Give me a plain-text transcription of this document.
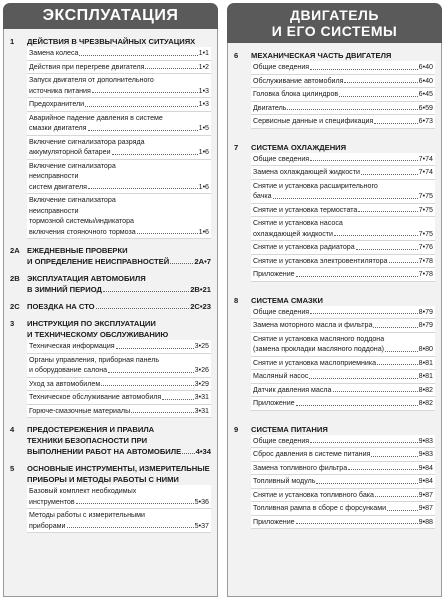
ЭКСПЛУАТАЦИЯ
1	ДЕЙСТВИЯ В ЧРЕЗВЫЧАЙНЫХ СИТУАЦИЯХ
Замена колеса	1•1
Действия при перегреве двигателя	1•2
Запуск двигателя от дополнительного
источника питания	1•3
Предохранители	1•3
Аварийное падение давления в системе
смазки двигателя	1•5
Включение сигнализатора разряда
аккумуляторной батареи	1•6
Включение сигнализатора
неисправности
систем двигателя	1•6
Включение сигнализатора
неисправности
тормозной системы/индикатора
включения стояночного тормоза	1•6
2А ЕЖЕДНЕВНЫЕ ПРОВЕРКИ
И ОПРЕДЕЛЕНИЕ НЕИСПРАВНОСТЕЙ	2А•7
2В ЭКСПЛУАТАЦИЯ АВТОМОБИЛЯ
В ЗИМНИЙ ПЕРИОД	2В•21
2С ПОЕЗДКА НА СТО	2С•23
3	ИНСТРУКЦИЯ ПО ЭКСПЛУАТАЦИИ
И ТЕХНИЧЕСКОМУ ОБСЛУЖИВАНИЮ
Техническая информация	3•25
Органы управления, приборная панель
и оборудование салона	3•26
Уход за автомобилем	3•29
Техническое обслуживание автомобиля	3•31
Горюче-смазочные материалы	3•31
4	ПРЕДОСТЕРЕЖЕНИЯ И ПРАВИЛА
ТЕХНИКИ БЕЗОПАСНОСТИ ПРИ
ВЫПОЛНЕНИИ РАБОТ НА АВТОМОБИЛЕ 4•34
5	ОСНОВНЫЕ ИНСТРУМЕНТЫ, ИЗМЕРИТЕЛЬНЫЕ
ПРИБОРЫ И МЕТОДЫ РАБОТЫ С НИМИ
Базовый комплект необходимых
инструментов	5•36
Методы работы с измерительными
приборами	5•37
ДВИГАТЕЛЬ
И ЕГО СИСТЕМЫ
6	МЕХАНИЧЕСКАЯ ЧАСТЬ ДВИГАТЕЛЯ
Общие сведения	6•40
Обслуживание автомобиля	6•40
Головка блока цилиндров	6•45
Двигатель	6•59
Сервисные данные и спецификация	6•73
7	СИСТЕМА ОХЛАЖДЕНИЯ
Общие сведения	7•74
Замена охлаждающей жидкости	7•74
Снятие и установка расширительного
бачка	7•75
Снятие и установка термостата	7•75
Снятие и установка насоса
охлаждающей жидкости	7•75
Снятие и установка радиатора	7•76
Снятие и установка электровентилятора	7•78
Приложение	7•78
8	СИСТЕМА СМАЗКИ
Общие сведения	8•79
Замена моторного масла и фильтра	8•79
Снятие и установка масляного поддона
(замена прокладки масляного поддона)	8•80
Снятие и установка маслоприемника	8•81
Масляный насос	8•81
Датчик давления масла	8•82
Приложение	8•82
9	СИСТЕМА ПИТАНИЯ
Общие сведения	9•83
Сброс давления в системе питания	9•83
Замена топливного фильтра	9•84
Топливный модуль	9•84
Снятие и установка топливного бака	9•87
Топливная рампа в сборе с форсунками	9•87
Приложение	9•88
